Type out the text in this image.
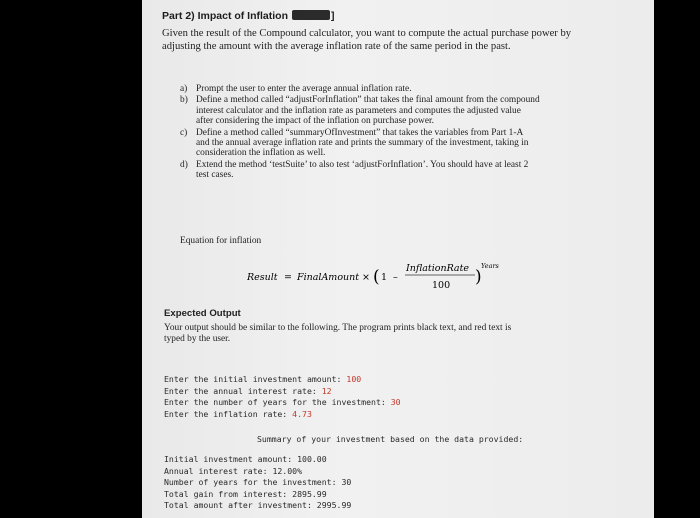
Part 2) Impact of Inflation	]
Given the result of the Compound calculator, you want to compute the actual purchase power by
adjusting the amount with the average inflation rate of the same period in the past.
a) Prompt the user to enter the average annual inflation rate.
b) Define a method called “adjustForInflation” that takes the final amount from the compound
interest calculator and the inflation rate as parameters and computes the adjusted value
after considering the impact of the inflation on purchase power.
c) Define a method called “summaryOfInvestment” that takes the variables from Part 1-A
and the annual average inflation rate and prints the summary of the investment, taking in
consideration the inflation as well.
d) Extend the method ‘testSuite’ to also test ‘adjustForInflation’. You should have at least 2
test cases.
Equation for inflation
Result = FinalAmount × ( 1 –
InflationRate
100 )
Years
Expected Output
Your output should be similar to the following. The program prints black text, and red text is
typed by the user.
Enter the initial investment amount: 100
Enter the annual interest rate: 12
Enter the number of years for the investment: 30
Enter the inflation rate: 4.73
Summary of your investment based on the data provided:
Initial investment amount: 100.00
Annual interest rate: 12.00%
Number of years for the investment: 30
Total gain from interest: 2895.99
Total amount after investment: 2995.99
